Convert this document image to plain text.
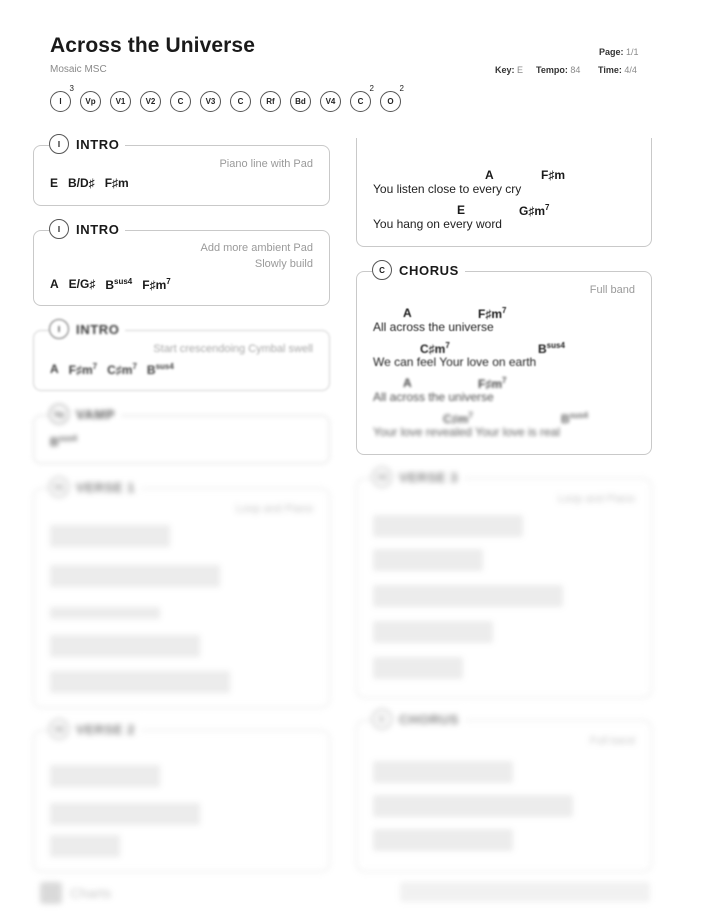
Across the Universe
Mosaic MSC
Page: 1/1
Key: E Tempo: 84 Time: 4/4
I
3
Vp V1	V2	C	V3	C	Rf	Bd V4	C
2
O
2
Piano line with Pad
E B/D♯ F♯m
I	INTRO
Add more ambient Pad
Slowly build
A E/G♯ $B^{sus4}$ $F♯m^7$
I	INTRO
Start crescendoing Cymbal swell
A $F♯m^7$ $C♯m^7$ $B^{sus4}$
I	INTRO
$B^{sus4}$
Vp VAMP
Loop and Piano
V1 VERSE 1
V2 VERSE 2
A	F♯m
You listen close to every cry
E	$G♯m^7$
You hang on every word
Full band
A	$F♯m^7$
All across the universe
$C♯m^7$	$B^{sus4}$
We can feel Your love on earth
A	$F♯m^7$
All across the universe
$C♯m^7$	$B^{sus4}$
Your love revealed Your love is real
C	CHORUS
Loop and Piano
V3 VERSE 3
Full band
C	CHORUS
Charts
